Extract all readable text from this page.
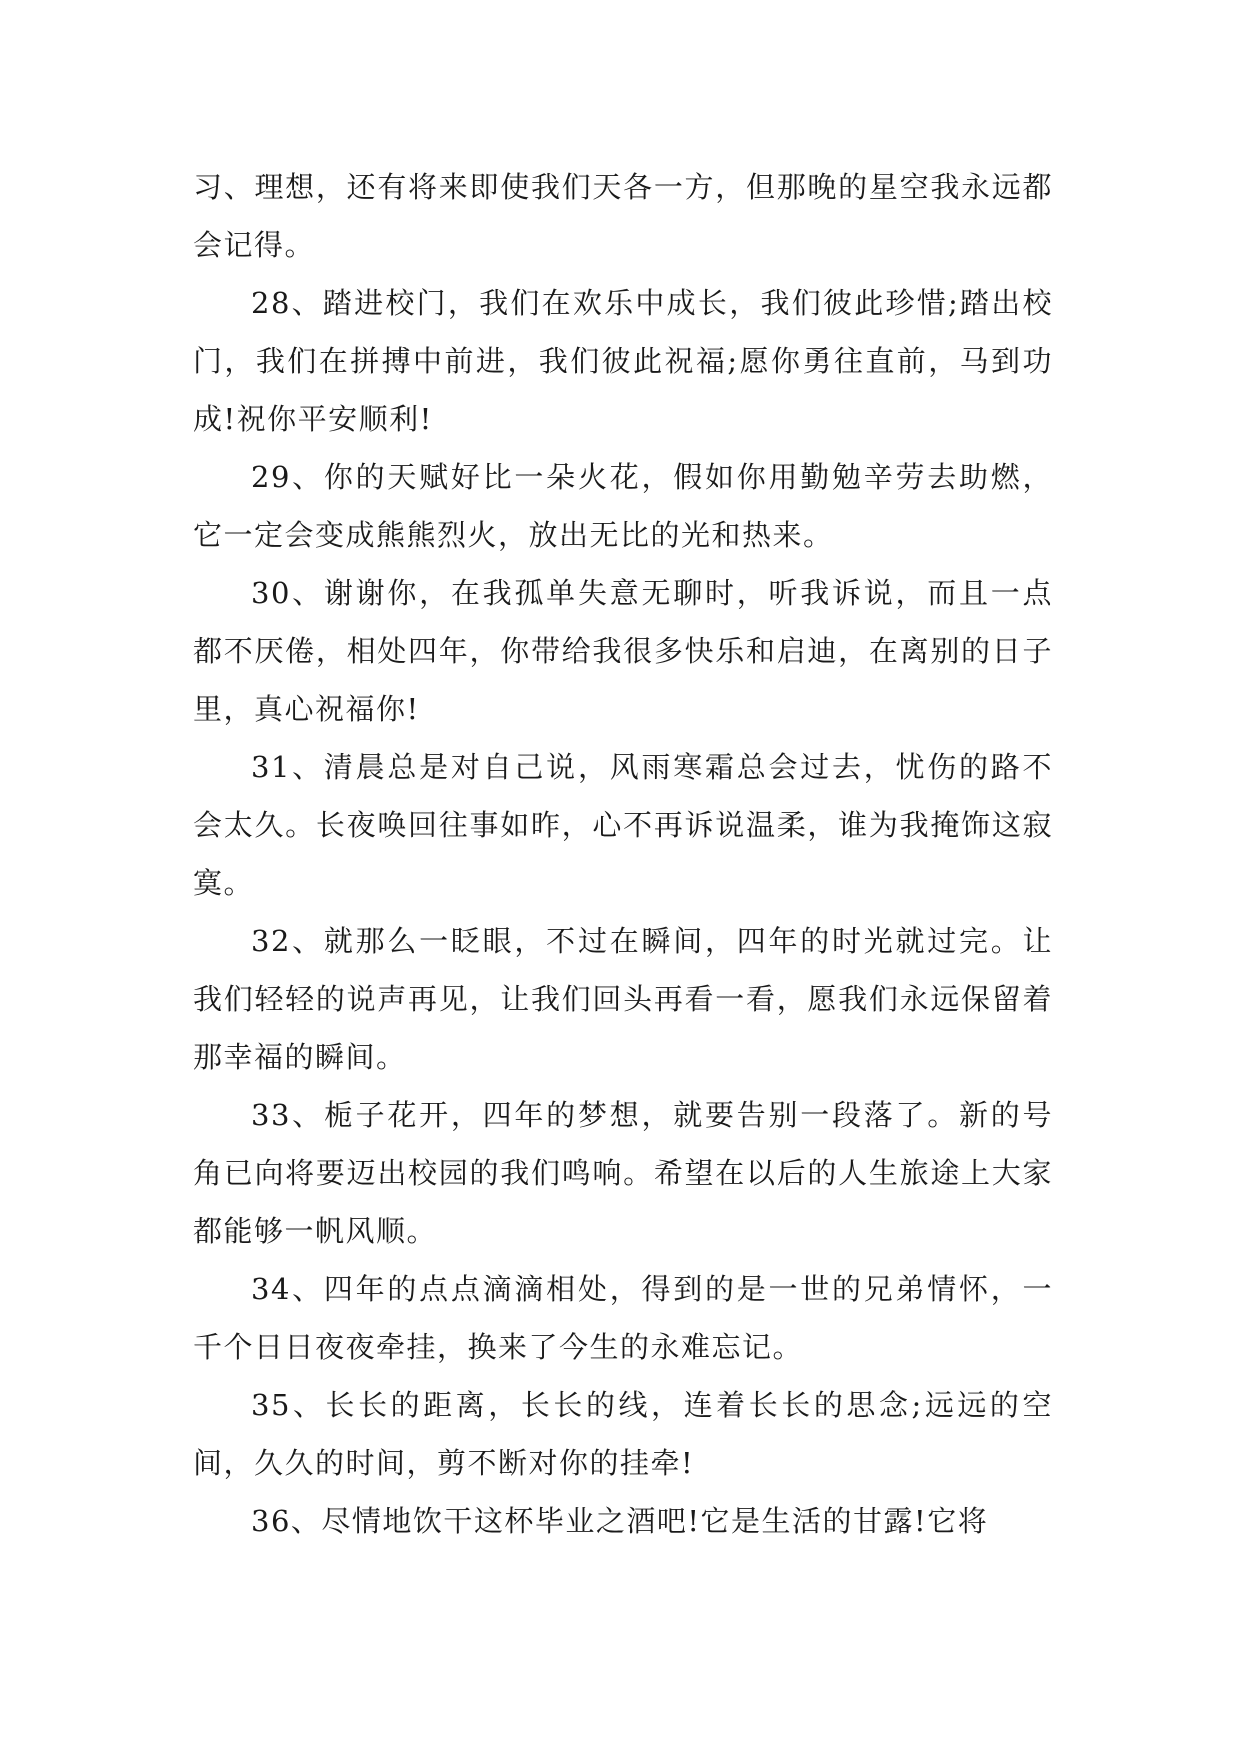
习、理想，还有将来即使我们天各一方，但那晚的星空我永远都会记得。

28、踏进校门，我们在欢乐中成长，我们彼此珍惜;踏出校门，我们在拼搏中前进，我们彼此祝福;愿你勇往直前，马到功成!祝你平安顺利!

29、你的天赋好比一朵火花，假如你用勤勉辛劳去助燃，它一定会变成熊熊烈火，放出无比的光和热来。

30、谢谢你，在我孤单失意无聊时，听我诉说，而且一点都不厌倦，相处四年，你带给我很多快乐和启迪，在离别的日子里，真心祝福你!

31、清晨总是对自己说，风雨寒霜总会过去，忧伤的路不会太久。长夜唤回往事如昨，心不再诉说温柔，谁为我掩饰这寂寞。

32、就那么一眨眼，不过在瞬间，四年的时光就过完。让我们轻轻的说声再见，让我们回头再看一看，愿我们永远保留着那幸福的瞬间。

33、栀子花开，四年的梦想，就要告别一段落了。新的号角已向将要迈出校园的我们鸣响。希望在以后的人生旅途上大家都能够一帆风顺。

34、四年的点点滴滴相处，得到的是一世的兄弟情怀，一千个日日夜夜牵挂，换来了今生的永难忘记。

35、长长的距离，长长的线，连着长长的思念;远远的空间，久久的时间，剪不断对你的挂牵!

36、尽情地饮干这杯毕业之酒吧!它是生活的甘露!它将
